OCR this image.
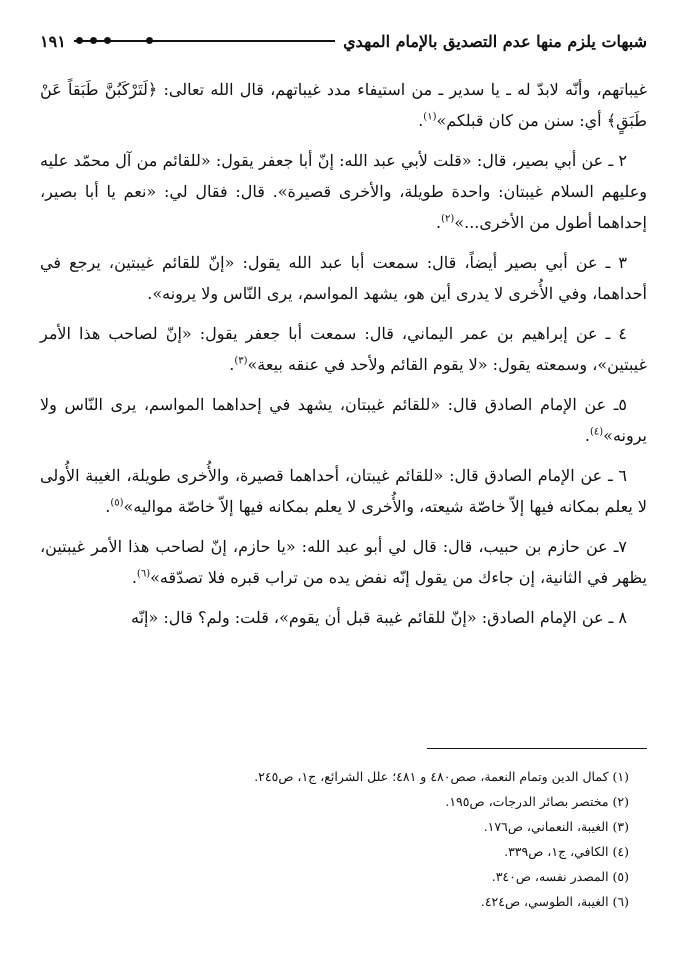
شبهات يلزم منها عدم التصديق بالإمام المهدي
١٩١

غيباتهم، وأنّه لابدّ له ـ يا سدير ـ من استيفاء مدد غيباتهم، قال الله تعالى: ﴿لَتَرْكَبُنَّ طَبَقاً عَنْ طَبَقٍ﴾ أي: سنن من كان قبلكم»$^{(١)}$.

٢ ـ عن أبي بصير، قال: «قلت لأبي عبد الله: إنّ أبا جعفر يقول: «للقائم من آل محمّد عليه وعليهم السلام غيبتان: واحدة طويلة، والأخرى قصيرة». قال: فقال لي: «نعم يا أبا بصير، إحداهما أطول من الأخرى...»$^{(٢)}$.

٣ ـ عن أبي بصير أيضاً، قال: سمعت أبا عبد الله يقول: «إنّ للقائم غيبتين، يرجع في أحداهما، وفي الأُخرى لا يدرى أين هو، يشهد المواسم، يرى النّاس ولا يرونه».

٤ ـ عن إبراهيم بن عمر اليماني، قال: سمعت أبا جعفر يقول: «إنّ لصاحب هذا الأمر غيبتين»، وسمعته يقول: «لا يقوم القائم ولأحد في عنقه بيعة»$^{(٣)}$.

٥ـ عن الإمام الصادق قال: «للقائم غيبتان، يشهد في إحداهما المواسم، يرى النّاس ولا يرونه»$^{(٤)}$.

٦ ـ عن الإمام الصادق قال: «للقائم غيبتان، أحداهما قصيرة، والأُخرى طويلة، الغيبة الأُولى لا يعلم بمكانه فيها إلاّ خاصّة شيعته، والأُخرى لا يعلم بمكانه فيها إلاّ خاصّة مواليه»$^{(٥)}$.

٧ـ عن حازم بن حبيب، قال: قال لي أبو عبد الله: «يا حازم، إنّ لصاحب هذا الأمر غيبتين، يظهر في الثانية، إن جاءك من يقول إنّه نفض يده من تراب قبره فلا تصدّقه»$^{(٦)}$.

٨ ـ عن الإمام الصادق: «إنّ للقائم غيبة قبل أن يقوم»، قلت: ولم؟ قال: «إنّه

(١) كمال الدين وتمام النعمة، صص٤٨٠ و ٤٨١؛ علل الشرائع، ج١، ص٢٤٥.
(٢) مختصر بصائر الدرجات، ص١٩٥.
(٣) الغيبة، النعماني، ص١٧٦.
(٤) الكافي، ج١، ص٣٣٩.
(٥) المصدر نفسه، ص٣٤٠.
(٦) الغيبة، الطوسي، ص٤٢٤.
